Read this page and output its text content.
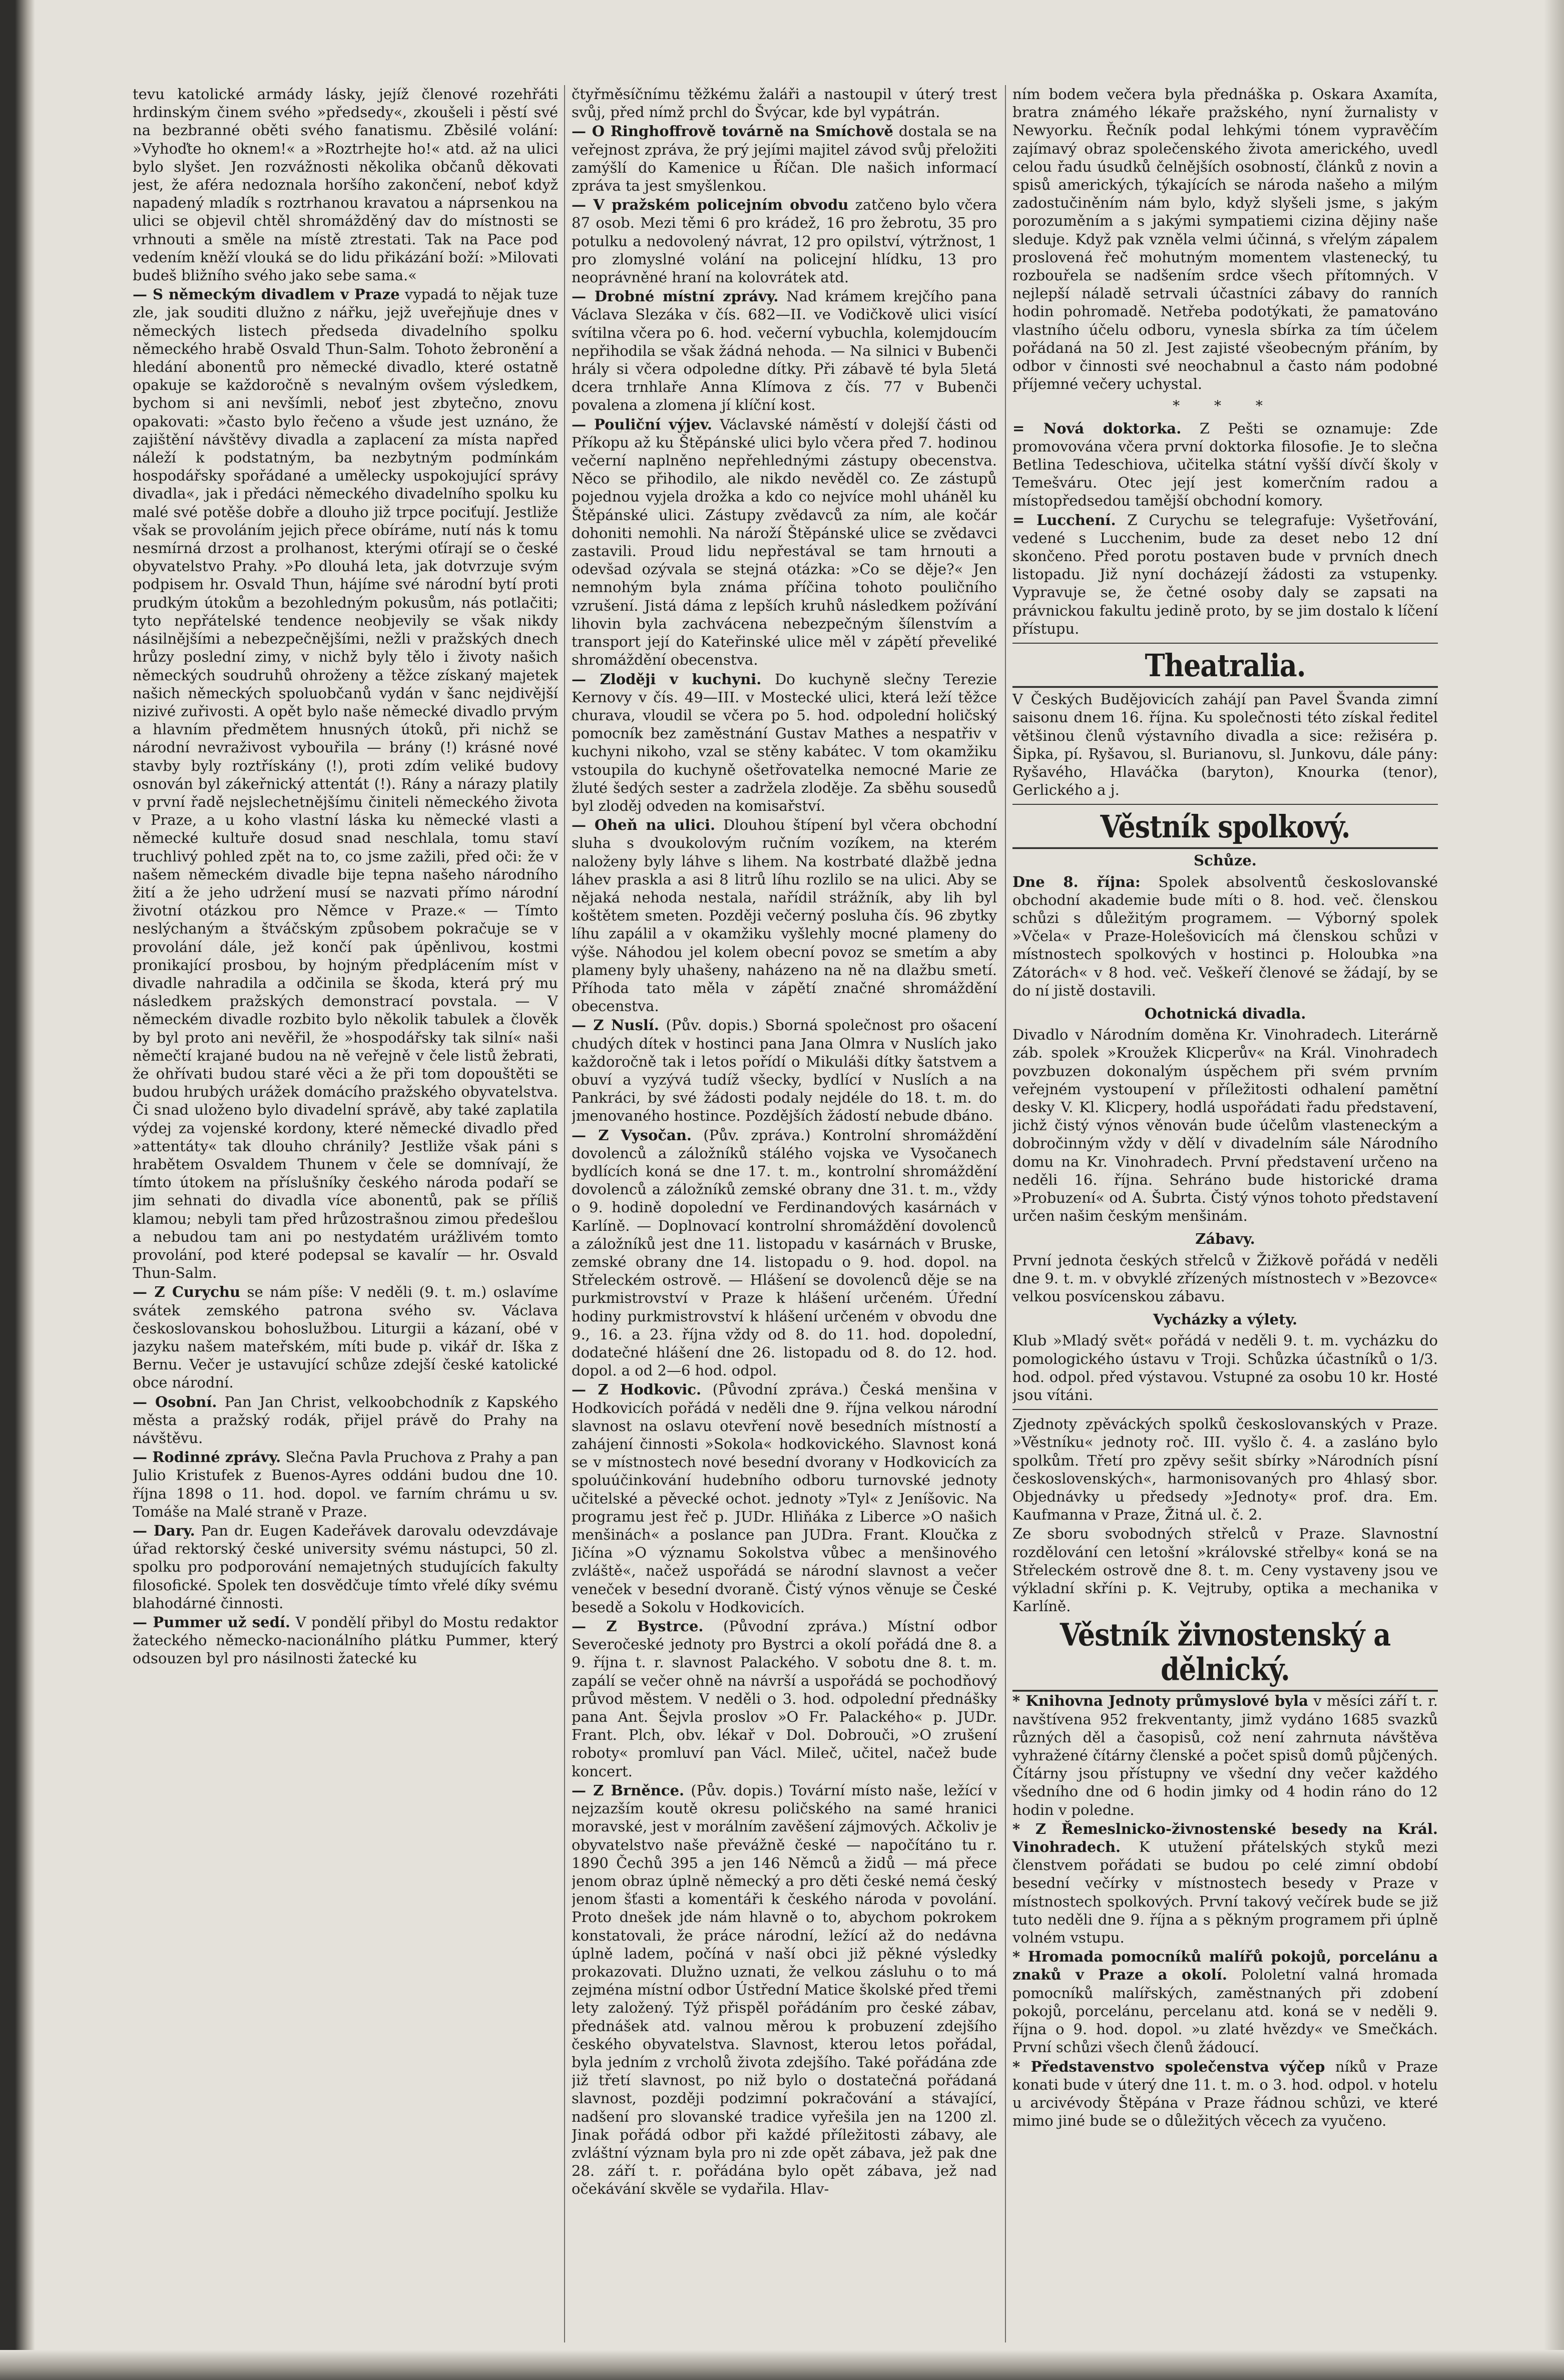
tevu katolické armády lásky, jejíž členové rozehřáti hrdinským činem svého »předsedy«, zkoušeli i pěstí své na bezbranné oběti svého fanatismu. Zběsilé volání: »Vyhoďte ho oknem!« a »Roztrhejte ho!« atd. až na ulici bylo slyšet. Jen rozvážnosti několika občanů děkovati jest, že aféra nedoznala horšího zakončení, neboť když napadený mladík s roztrhanou kravatou a náprsenkou na ulici se objevil chtěl shromážděný dav do místnosti se vrhnouti a směle na místě ztrestati. Tak na Pace pod vedením kněží vlouká se do lidu přikázání boží: »Milovati budeš bližního svého jako sebe sama.«

— S německým divadlem v Praze vypadá to nějak tuze zle, jak souditi dlužno z nářku, jejž uveřejňuje dnes v německých listech předseda divadelního spolku německého hrabě Osvald Thun-Salm. Tohoto žebronění a hledání abonentů pro německé divadlo, které ostatně opakuje se každoročně s nevalným ovšem výsledkem, bychom si ani nevšímli, neboť jest zbytečno, znovu opakovati: »často bylo řečeno a všude jest uznáno, že zajištění návštěvy divadla a zaplacení za místa napřed náleží k podstatným, ba nezbytným podmínkám hospodářsky spořádané a umělecky uspokojující správy divadla«, jak i předáci německého divadelního spolku ku malé své potěše dobře a dlouho již trpce pociťují. Jestliže však se provoláním jejich přece obíráme, nutí nás k tomu nesmírná drzost a prolhanost, kterými oťírají se o české obyvatelstvo Prahy. »Po dlouhá leta, jak dotvrzuje svým podpisem hr. Osvald Thun, hájíme své národní bytí proti prudkým útokům a bezohledným pokusům, nás potlačiti; tyto nepřátelské tendence neobjevily se však nikdy násilnějšími a nebezpečnějšími, nežli v pražských dnech hrůzy poslední zimy, v nichž byly tělo i životy našich německých soudruhů ohroženy a těžce získaný majetek našich německých spoluobčanů vydán v šanc nejdivější nizivé zuřivosti. A opět bylo naše německé divadlo prvým a hlavním předmětem hnusných útoků, při nichž se národní nevraživost vybouřila — brány (!) krásné nové stavby byly roztřískány (!), proti zdím veliké budovy osnován byl zákeřnický attentát (!). Rány a nárazy platily v první řadě nejslechetnějšímu činiteli německého života v Praze, a u koho vlastní láska ku německé vlasti a německé kultuře dosud snad neschlala, tomu staví truchlivý pohled zpět na to, co jsme zažili, před oči: že v našem německém divadle bije tepna našeho národního žití a že jeho udržení musí se nazvati přímo národní životní otázkou pro Němce v Praze.« — Tímto neslýchaným a štváčským způsobem pokračuje se v provolání dále, jež končí pak úpěnlivou, kostmi pronikající prosbou, by hojným předplácením míst v divadle nahradila a odčinila se škoda, která prý mu následkem pražských demonstrací povstala. — V německém divadle rozbito bylo několik tabulek a člověk by byl proto ani nevěřil, že »hospodářsky tak silní« naši němečtí krajané budou na ně veřejně v čele listů žebrati, že ohřívati budou staré věci a že při tom dopouštěti se budou hrubých urážek domácího pražského obyvatelstva. Či snad uloženo bylo divadelní správě, aby také zaplatila výdej za vojenské kordony, které německé divadlo před »attentáty« tak dlouho chránily? Jestliže však páni s hrabětem Osvaldem Thunem v čele se domnívají, že tímto útokem na příslušníky českého národa podaří se jim sehnati do divadla více abonentů, pak se příliš klamou; nebyli tam před hrůzostrašnou zimou předešlou a nebudou tam ani po nestydatém urážlivém tomto provolání, pod které podepsal se kavalír — hr. Osvald Thun-Salm.

— Z Curychu se nám píše: V neděli (9. t. m.) oslavíme svátek zemského patrona svého sv. Václava českoslovanskou bohoslužbou. Liturgii a kázaní, obé v jazyku našem mateřském, míti bude p. vikář dr. Iška z Bernu. Večer je ustavující schůze zdejší české katolické obce národní.

— Osobní. Pan Jan Christ, velkoobchodník z Kapského města a pražský rodák, přijel právě do Prahy na návštěvu.

— Rodinné zprávy. Slečna Pavla Pruchova z Prahy a pan Julio Kristufek z Buenos-Ayres oddáni budou dne 10. října 1898 o 11. hod. dopol. ve farním chrámu u sv. Tomáše na Malé straně v Praze.

— Dary. Pan dr. Eugen Kadeřávek darovalu odevzdávaje úřad rektorský české university svému nástupci, 50 zl. spolku pro podporování nemajetných studujících fakulty filosofické. Spolek ten dosvědčuje tímto vřelé díky svému blahodárné činnosti.

— Pummer už sedí. V pondělí přibyl do Mostu redaktor žateckého německo-nacionálního plátku Pummer, který odsouzen byl pro násilnosti žatecké ku

čtyřměsíčnímu těžkému žaláři a nastoupil v úterý trest svůj, před nímž prchl do Švýcar, kde byl vypátrán.

— O Ringhoffrově továrně na Smíchově dostala se na veřejnost zpráva, že prý jejími majitel závod svůj přeložiti zamýšlí do Kamenice u Říčan. Dle našich informací zpráva ta jest smyšlenkou.

— V pražském policejním obvodu zatčeno bylo včera 87 osob. Mezi těmi 6 pro krádež, 16 pro žebrotu, 35 pro potulku a nedovolený návrat, 12 pro opilství, výtržnost, 1 pro zlomyslné volání na policejní hlídku, 13 pro neoprávněné hraní na kolovrátek atd.

— Drobné místní zprávy. Nad krámem krejčího pana Václava Slezáka v čís. 682—II. ve Vodičkově ulici visící svítilna včera po 6. hod. večerní vybuchla, kolemjdoucím nepřihodila se však žádná nehoda. — Na silnici v Bubenči hrály si včera odpoledne dítky. Při zábavě té byla 5letá dcera trnhlaře Anna Klímova z čís. 77 v Bubenči povalena a zlomena jí klíční kost.

— Pouliční výjev. Václavské náměstí v dolejší části od Příkopu až ku Štěpánské ulici bylo včera před 7. hodinou večerní naplněno nepřehlednými zástupy obecenstva. Něco se přihodilo, ale nikdo nevěděl co. Ze zástupů pojednou vyjela drožka a kdo co nejvíce mohl uháněl ku Štěpánské ulici. Zástupy zvědavců za ním, ale kočár dohoniti nemohli. Na nároží Štěpánské ulice se zvědavci zastavili. Proud lidu nepřestával se tam hrnouti a odevšad ozývala se stejná otázka: »Co se děje?« Jen nemnohým byla známa příčina tohoto pouličního vzrušení. Jistá dáma z lepších kruhů následkem požívání lihovin byla zachvácena nebezpečným šílenstvím a transport její do Kateřinské ulice měl v zápětí převeliké shromáždění obecenstva.

— Zloději v kuchyni. Do kuchyně slečny Terezie Kernovy v čís. 49—III. v Mostecké ulici, která leží těžce churava, vloudil se včera po 5. hod. odpolední holičský pomocník bez zaměstnání Gustav Mathes a nespatřiv v kuchyni nikoho, vzal se stěny kabátec. V tom okamžiku vstoupila do kuchyně ošetřovatelka nemocné Marie ze žluté šedých sester a zadržela zloděje. Za sběhu sousedů byl zloděj odveden na komisařství.

— Oheň na ulici. Dlouhou štípení byl včera obchodní sluha s dvoukolovým ručním vozíkem, na kterém naloženy byly láhve s lihem. Na kostrbaté dlažbě jedna láhev praskla a asi 8 litrů líhu rozlilo se na ulici. Aby se nějaká nehoda nestala, nařídil strážník, aby lih byl koštětem smeten. Později večerný posluha čís. 96 zbytky líhu zapálil a v okamžiku vyšlehly mocné plameny do výše. Náhodou jel kolem obecní povoz se smetím a aby plameny byly uhašeny, naházeno na ně na dlažbu smetí. Příhoda tato měla v zápětí značné shromáždění obecenstva.

— Z Nuslí. (Pův. dopis.) Sborná společnost pro ošacení chudých dítek v hostinci pana Jana Olmra v Nuslích jako každoročně tak i letos pořídí o Mikuláši dítky šatstvem a obuví a vyzývá tudíž všecky, bydlící v Nuslích a na Pankráci, by své žádosti podaly nejdéle do 18. t. m. do jmenovaného hostince. Pozdějších žádostí nebude dbáno.

— Z Vysočan. (Pův. zpráva.) Kontrolní shromáždění dovolenců a záložníků stálého vojska ve Vysočanech bydlících koná se dne 17. t. m., kontrolní shromáždění dovolenců a záložníků zemské obrany dne 31. t. m., vždy o 9. hodině dopolední ve Ferdinandových kasárnách v Karlíně. — Doplnovací kontrolní shromáždění dovolenců a záložníků jest dne 11. listopadu v kasárnách v Bruske, zemské obrany dne 14. listopadu o 9. hod. dopol. na Střeleckém ostrově. — Hlášení se dovolenců děje se na purkmistrovství v Praze k hlášení určeném. Úřední hodiny purkmistrovství k hlášení určeném v obvodu dne 9., 16. a 23. října vždy od 8. do 11. hod. dopolední, dodatečné hlášení dne 26. listopadu od 8. do 12. hod. dopol. a od 2—6 hod. odpol.

— Z Hodkovic. (Původní zpráva.) Česká menšina v Hodkovicích pořádá v neděli dne 9. října velkou národní slavnost na oslavu otevření nově besedních místností a zahájení činnosti »Sokola« hodkovického. Slavnost koná se v místnostech nové besední dvorany v Hodkovicích za spoluúčinkování hudebního odboru turnovské jednoty učitelské a pěvecké ochot. jednoty »Tyl« z Jeníšovic. Na programu jest řeč p. JUDr. Hliňáka z Liberce »O našich menšinách« a poslance pan JUDra. Frant. Kloučka z Jičína »O významu Sokolstva vůbec a menšinového zvláště«, načež uspořádá se národní slavnost a večer veneček v besední dvoraně. Čistý výnos věnuje se České besedě a Sokolu v Hodkovicích.

— Z Bystrce. (Původní zpráva.) Místní odbor Severočeské jednoty pro Bystrci a okolí pořádá dne 8. a 9. října t. r. slavnost Palackého. V sobotu dne 8. t. m. zapálí se večer ohně na návrší a uspořádá se pochodňový průvod městem. V neděli o 3. hod. odpolední přednášky pana Ant. Šejvla proslov »O Fr. Palackého« p. JUDr. Frant. Plch, obv. lékař v Dol. Dobrouči, »O zrušení roboty« promluví pan Václ. Mileč, učitel, načež bude koncert.

— Z Brněnce. (Pův. dopis.) Tovární místo naše, ležící v nejzazším koutě okresu poličského na samé hranici moravské, jest v morálním zavěšení zájmových. Ačkoliv je obyvatelstvo naše převážně české — napočítáno tu r. 1890 Čechů 395 a jen 146 Němců a židů — má přece jenom obraz úplně německý a pro děti české nemá český jenom šťasti a komentáři k českého národa v povolání. Proto dnešek jde nám hlavně o to, abychom pokrokem konstatovali, že práce národní, ležící až do nedávna úplně ladem, počíná v naší obci již pěkné výsledky prokazovati. Dlužno uznati, že velkou zásluhu o to má zejména místní odbor Ústřední Matice školské před třemi lety založený. Týž přispěl pořádáním pro české zábav, přednášek atd. valnou měrou k probuzení zdejšího českého obyvatelstva. Slavnost, kterou letos pořádal, byla jedním z vrcholů života zdejšího. Také pořádána zde již třetí slavnost, po niž bylo o dostatečná pořádaná slavnost, později podzimní pokračování a stávající, nadšení pro slovanské tradice vyřešila jen na 1200 zl. Jinak pořádá odbor při každé příležitosti zábavy, ale zvláštní význam byla pro ni zde opět zábava, jež pak dne 28. září t. r. pořádána bylo opět zábava, jež nad očekávání skvěle se vydařila. Hlav-

ním bodem večera byla přednáška p. Oskara Axamíta, bratra známého lékaře pražského, nyní žurnalisty v Newyorku. Řečník podal lehkými tónem vypravěčím zajímavý obraz společenského života amerického, uvedl celou řadu úsudků čelnějších osobností, článků z novin a spisů amerických, týkajících se národa našeho a milým zadostučiněním nám bylo, když slyšeli jsme, s jakým porozuměním a s jakými sympatiemi cizina dějiny naše sleduje. Když pak vzněla velmi účinná, s vřelým zápalem proslovená řeč mohutným momentem vlastenecký, tu rozbouřela se nadšením srdce všech přítomných. V nejlepší náladě setrvali účastníci zábavy do ranních hodin pohromadě. Netřeba podotýkati, že pamatováno vlastního účelu odboru, vynesla sbírka za tím účelem pořádaná na 50 zl. Jest zajisté všeobecným přáním, by odbor v činnosti své neochabnul a často nám podobné příjemné večery uchystal.

* * *

= Nová doktorka. Z Pešti se oznamuje: Zde promovována včera první doktorka filosofie. Je to slečna Betlina Tedeschiova, učitelka státní vyšší dívčí školy v Temešváru. Otec její jest komerčním radou a místopředsedou tamější obchodní komory.

= Lucchení. Z Curychu se telegrafuje: Vyšetřování, vedené s Lucchenim, bude za deset nebo 12 dní skončeno. Před porotu postaven bude v prvních dnech listopadu. Již nyní docházejí žádosti za vstupenky. Vypravuje se, že četné osoby daly se zapsati na právnickou fakultu jedině proto, by se jim dostalo k líčení přístupu.

Theatralia.

V Českých Budějovicích zahájí pan Pavel Švanda zimní saisonu dnem 16. října. Ku společnosti této získal ředitel většinou členů výstavního divadla a sice: režiséra p. Šipka, pí. Ryšavou, sl. Burianovu, sl. Junkovu, dále pány: Ryšavého, Hlaváčka (baryton), Knourka (tenor), Gerlického a j.

Věstník spolkový.
Schůze.

Dne 8. října: Spolek absolventů českoslovanské obchodní akademie bude míti o 8. hod. več. členskou schůzi s důležitým programem. — Výborný spolek »Včela« v Praze-Holešovicích má členskou schůzi v místnostech spolkových v hostinci p. Holoubka »na Zátorách« v 8 hod. več. Veškeří členové se žádají, by se do ní jistě dostavili.

Ochotnická divadla.

Divadlo v Národním doměna Kr. Vinohradech. Literárně záb. spolek »Kroužek Klicperův« na Král. Vinohradech povzbuzen dokonalým úspěchem při svém prvním veřejném vystoupení v příležitosti odhalení pamětní desky V. Kl. Klicpery, hodlá uspořádati řadu představení, jichž čistý výnos věnován bude účelům vlasteneckým a dobročinným vždy v dělí v divadelním sále Národního domu na Kr. Vinohradech. První představení určeno na neděli 16. října. Sehráno bude historické drama »Probuzení« od A. Šubrta. Čistý výnos tohoto představení určen našim českým menšinám.

Zábavy.

První jednota českých střelců v Žižkově pořádá v neděli dne 9. t. m. v obvyklé zřízených místnostech v »Bezovce« velkou posvícenskou zábavu.

Vycházky a výlety.

Klub »Mladý svět« pořádá v neděli 9. t. m. vycházku do pomologického ústavu v Troji. Schůzka účastníků o 1/3. hod. odpol. před výstavou. Vstupné za osobu 10 kr. Hosté jsou vítáni.

Zjednoty zpěváckých spolků českoslovanských v Praze. »Věstníku« jednoty roč. III. vyšlo č. 4. a zasláno bylo spolkům. Třetí pro zpěvy sešit sbírky »Národních písní československých«, harmonisovaných pro 4hlasý sbor. Objednávky u předsedy »Jednoty« prof. dra. Em. Kaufmanna v Praze, Žitná ul. č. 2.

Ze sboru svobodných střelců v Praze. Slavnostní rozdělování cen letošní »královské střelby« koná se na Střeleckém ostrově dne 8. t. m. Ceny vystaveny jsou ve výkladní skříni p. K. Vejtruby, optika a mechanika v Karlíně.

Věstník živnostenský a dělnický.

* Knihovna Jednoty průmyslové byla v měsíci září t. r. navštívena 952 frekventanty, jimž vydáno 1685 svazků různých děl a časopisů, což není zahrnuta návštěva vyhražené čítárny členské a počet spisů domů půjčených. Čítárny jsou přístupny ve všední dny večer každého všedního dne od 6 hodin jimky od 4 hodin ráno do 12 hodin v poledne.

* Z Řemeslnicko-živnostenské besedy na Král. Vinohradech. K utužení přátelských styků mezi členstvem pořádati se budou po celé zimní období besední večírky v místnostech besedy v Praze v místnostech spolkových. První takový večírek bude se již tuto neděli dne 9. října a s pěkným programem při úplně volném vstupu.

* Hromada pomocníků malířů pokojů, porcelánu a znaků v Praze a okolí. Pololetní valná hromada pomocníků malířských, zaměstnaných při zdobení pokojů, porcelánu, percelanu atd. koná se v neděli 9. října o 9. hod. dopol. »u zlaté hvězdy« ve Smečkách. První schůzi všech členů žádoucí.

* Představenstvo společenstva výčep níků v Praze konati bude v úterý dne 11. t. m. o 3. hod. odpol. v hotelu u arcivévody Štěpána v Praze řádnou schůzi, ve které mimo jiné bude se o důležitých věcech za vyučeno.
